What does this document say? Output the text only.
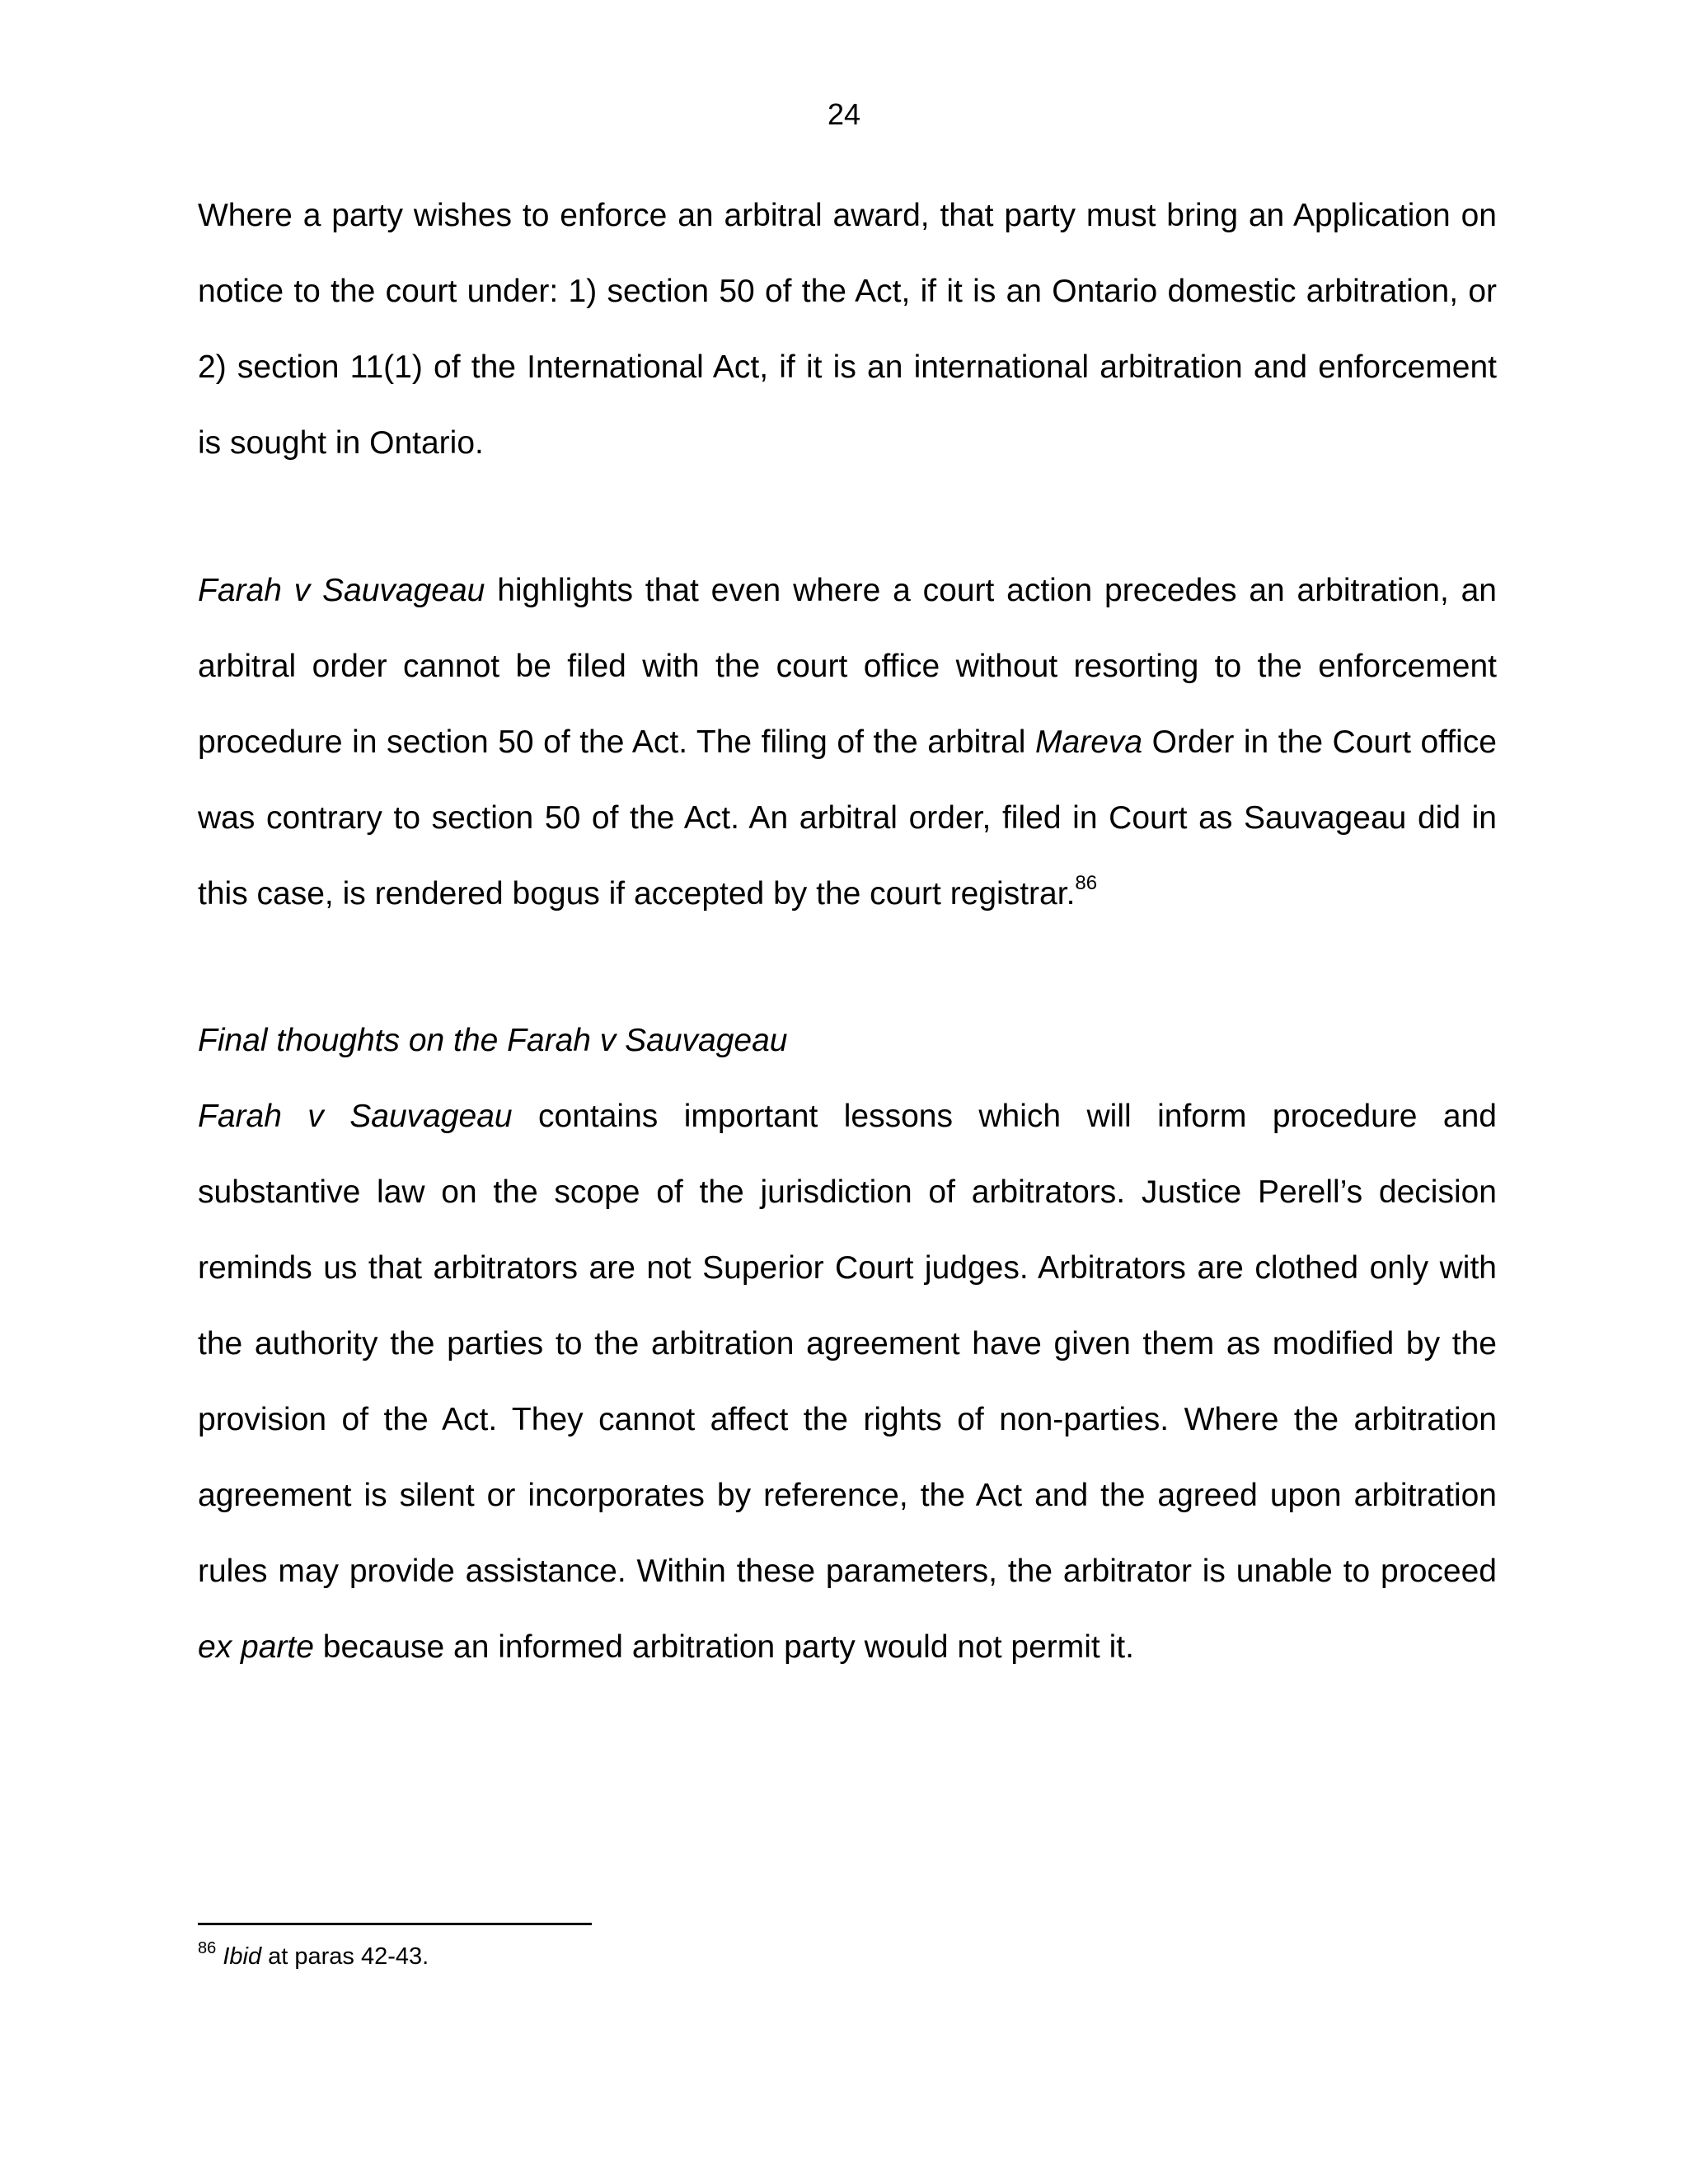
24

Where a party wishes to enforce an arbitral award, that party must bring an Application on notice to the court under: 1) section 50 of the Act, if it is an Ontario domestic arbitration, or 2) section 11(1) of the International Act, if it is an international arbitration and enforcement is sought in Ontario.

Farah v Sauvageau highlights that even where a court action precedes an arbitration, an arbitral order cannot be filed with the court office without resorting to the enforcement procedure in section 50 of the Act. The filing of the arbitral Mareva Order in the Court office was contrary to section 50 of the Act. An arbitral order, filed in Court as Sauvageau did in this case, is rendered bogus if accepted by the court registrar.$^{86}$

Final thoughts on the Farah v Sauvageau

Farah v Sauvageau contains important lessons which will inform procedure and substantive law on the scope of the jurisdiction of arbitrators. Justice Perell’s decision reminds us that arbitrators are not Superior Court judges. Arbitrators are clothed only with the authority the parties to the arbitration agreement have given them as modified by the provision of the Act. They cannot affect the rights of non-parties. Where the arbitration agreement is silent or incorporates by reference, the Act and the agreed upon arbitration rules may provide assistance. Within these parameters, the arbitrator is unable to proceed ex parte because an informed arbitration party would not permit it.

$^{86}$ Ibid at paras 42-43.
